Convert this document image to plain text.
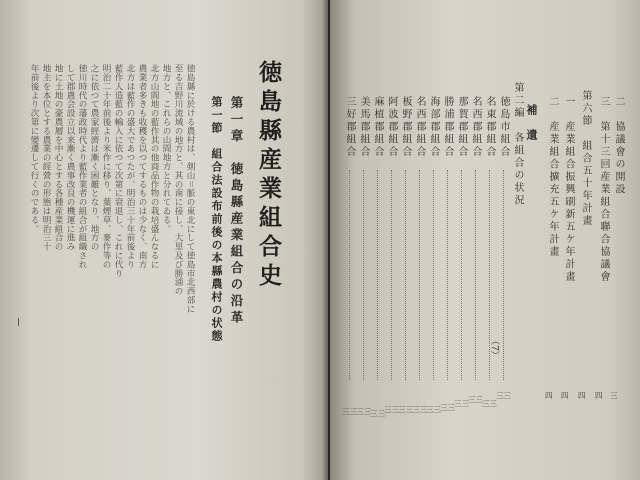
徳島縣産業組合史
第一章　徳島縣産業組合の沿革
第一節　組合法設布前後の本縣農村の状態
徳島縣に於ける農村は、剣山＝脈の東北にして徳島市北西部に
至る吉野川流域の地方と、其の南に接し、大里及び勝浦の
地方と、これらの山間地方と分れてゐる。
北方山間地の藍作其の他商品作物の栽培盛んなるに
農業者多きも收穫を以つてするものは少なく、南方
北方は藍作の盛大であつたが、明治三十年前後より
藍作人造藍の輸入に依つて次第に衰退し、これに代り
明治二十年前後より米作に移り、葉煙草、麥作等の
之に依つて農家經濟は漸く困難となり、地方の
徳川時代の藩政時代より藍作業者の組合が組織され
して郡農会設立以来漸く農事改良の機運に進み
地に土地の豪農層を中心とする各種産業組合の
地主を本位とする農業の經營の形態は明治三十
年前後より次第に變遷して行くのである。	二　協議會の開設
三
三　第十三回産業組合聯合協議會
四
第六節　組合五十年計畫
四
一　産業組合振興刷新五ケ年計畫
四
二　産業組合擴充五ケ年計畫
四
補遺
第二編　各組合の状況
徳島市組合
三三
名東郡組合
三三
名西郡組合
三三
那賀郡組合
三三
勝浦郡組合
三三
海部郡組合
三三
名西郡組合
三三
板野郡組合
三三
阿波郡組合
三三
麻植郡組合
三三
美馬郡組合
三三
三好郡組合
三三
（7）
